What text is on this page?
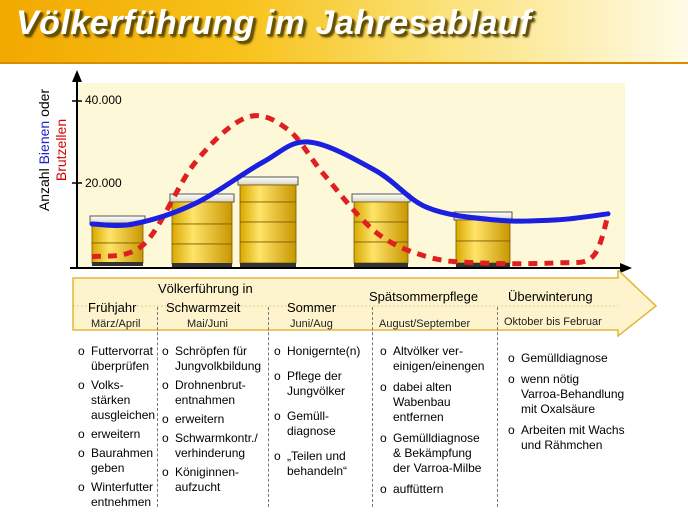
Völkerführung im Jahresablauf
40.000
20.000
Anzahl Bienen oder
Brutzellen
Frühjahr
März/April
Völkerführung in
Schwarmzeit
Mai/Juni
Sommer
Juni/Aug
Spätsommerpflege
August/September
Überwinterung
Oktober bis Februar
o Futtervorrat
überprüfen
o Volks-
stärken
ausgleichen
o erweitern
o Baurahmen
geben
o Winterfutter
entnehmen
o Schröpfen für
Jungvolkbildung
o Drohnenbrut-
entnahmen
o erweitern
o Schwarmkontr./
verhinderung
o Königinnen-
aufzucht
o Honigernte(n)
o Pflege der
Jungvölker
o Gemüll-
diagnose
o „Teilen und
behandeln“
o Altvölker ver-
einigen/einengen
o dabei alten
Wabenbau
entfernen
o Gemülldiagnose
& Bekämpfung
der Varroa-Milbe
o auffüttern
o Gemülldiagnose
o wenn nötig
Varroa-Behandlung
mit Oxalsäure
o Arbeiten mit Wachs
und Rähmchen
